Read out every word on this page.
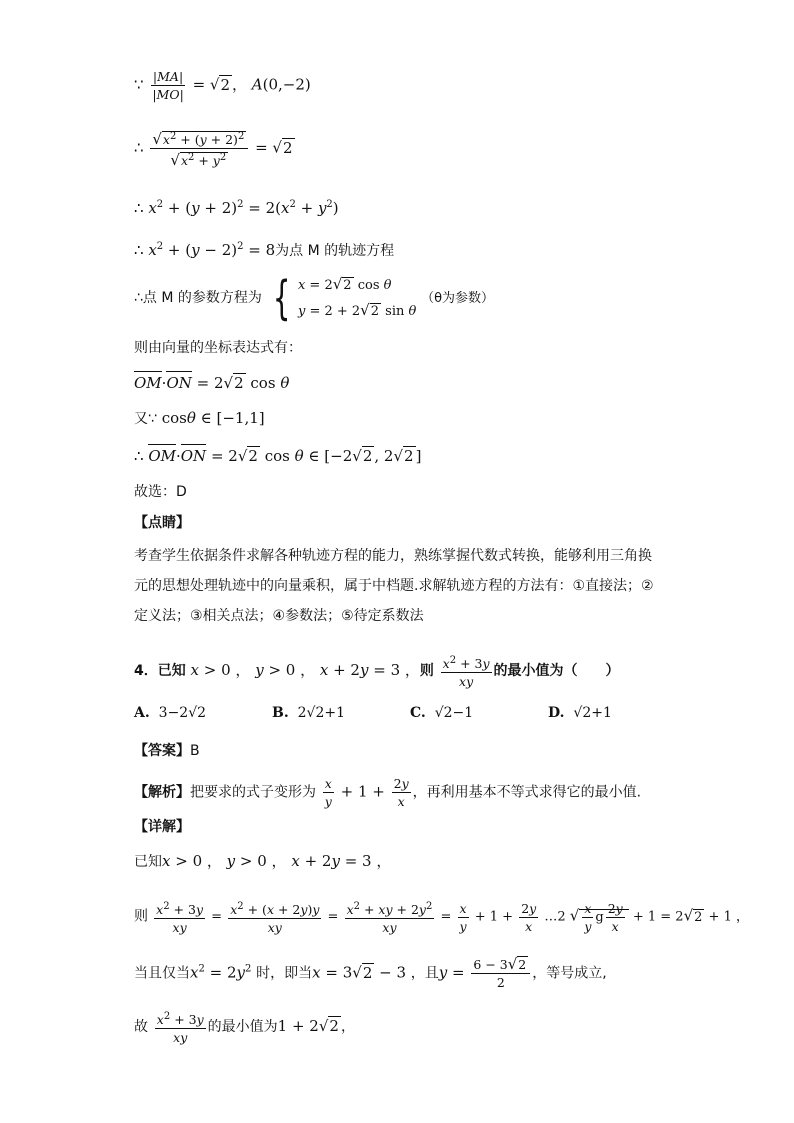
∵ $\frac{|MA|}{|MO|} = √2$ ， A(0,−2)
∴ $\frac{√x^2 + (y + 2)^2}{√x^2 + y^2} = √2$
∴ $x^2 + (y + 2)^2 = 2(x^2 + y^2)$
∴ $x^2 + (y - 2)^2 = 8$为点 M 的轨迹方程
∴点 M 的参数方程为 { x = 2√2 cos θ
y = 2 + 2√2 sin θ
（θ为参数）
则由向量的坐标表达式有：
OM·ON = 2√2 cos θ
又∵ cosθ ∈ [−1,1]
∴ OM·ON = 2√2 cos θ ∈ [−2√2 , 2√2 ]
故选：D
【点睛】
考查学生依据条件求解各种轨迹方程的能力，熟练掌握代数式转换，能够利用三角换元的思想处理轨迹中的向量乘积，属于中档题.求解轨迹方程的方法有：①直接法；②定义法；③相关点法；④参数法；⑤待定系数法
4．已知 x > 0 ， y > 0 ， x + 2y = 3 ，则 $\frac{x^2 + 3y}{xy}$ 的最小值为（　　）
A. 3−2√2	B. 2√2+1	C. √2−1	D. √2+1
【答案】B
【解析】把要求的式子变形为 $\frac{x}{y} + 1 + \frac{2y}{x}$ ，再利用基本不等式求得它的最小值.
【详解】
已知x > 0 ， y > 0 ， x + 2y = 3 ，
则 $\frac{x^2 + 3y}{xy} = \frac{x^2 + (x + 2y)y}{xy} = \frac{x^2 + xy + 2y^2}{xy} = \frac{x}{y} + 1 + \frac{2y}{x}$ …2 √ $\frac{x}{y}$ g $\frac{2y}{x} + 1 = 2√2 + 1$ ，
当且仅当$x^2 = 2y^2$ 时，即当x = 3√2 − 3 ，且$y = \frac{6 - 3√2}{2}$ ，等号成立,
故 $\frac{x^2 + 3y}{xy}$ 的最小值为1 + 2√2 ，
